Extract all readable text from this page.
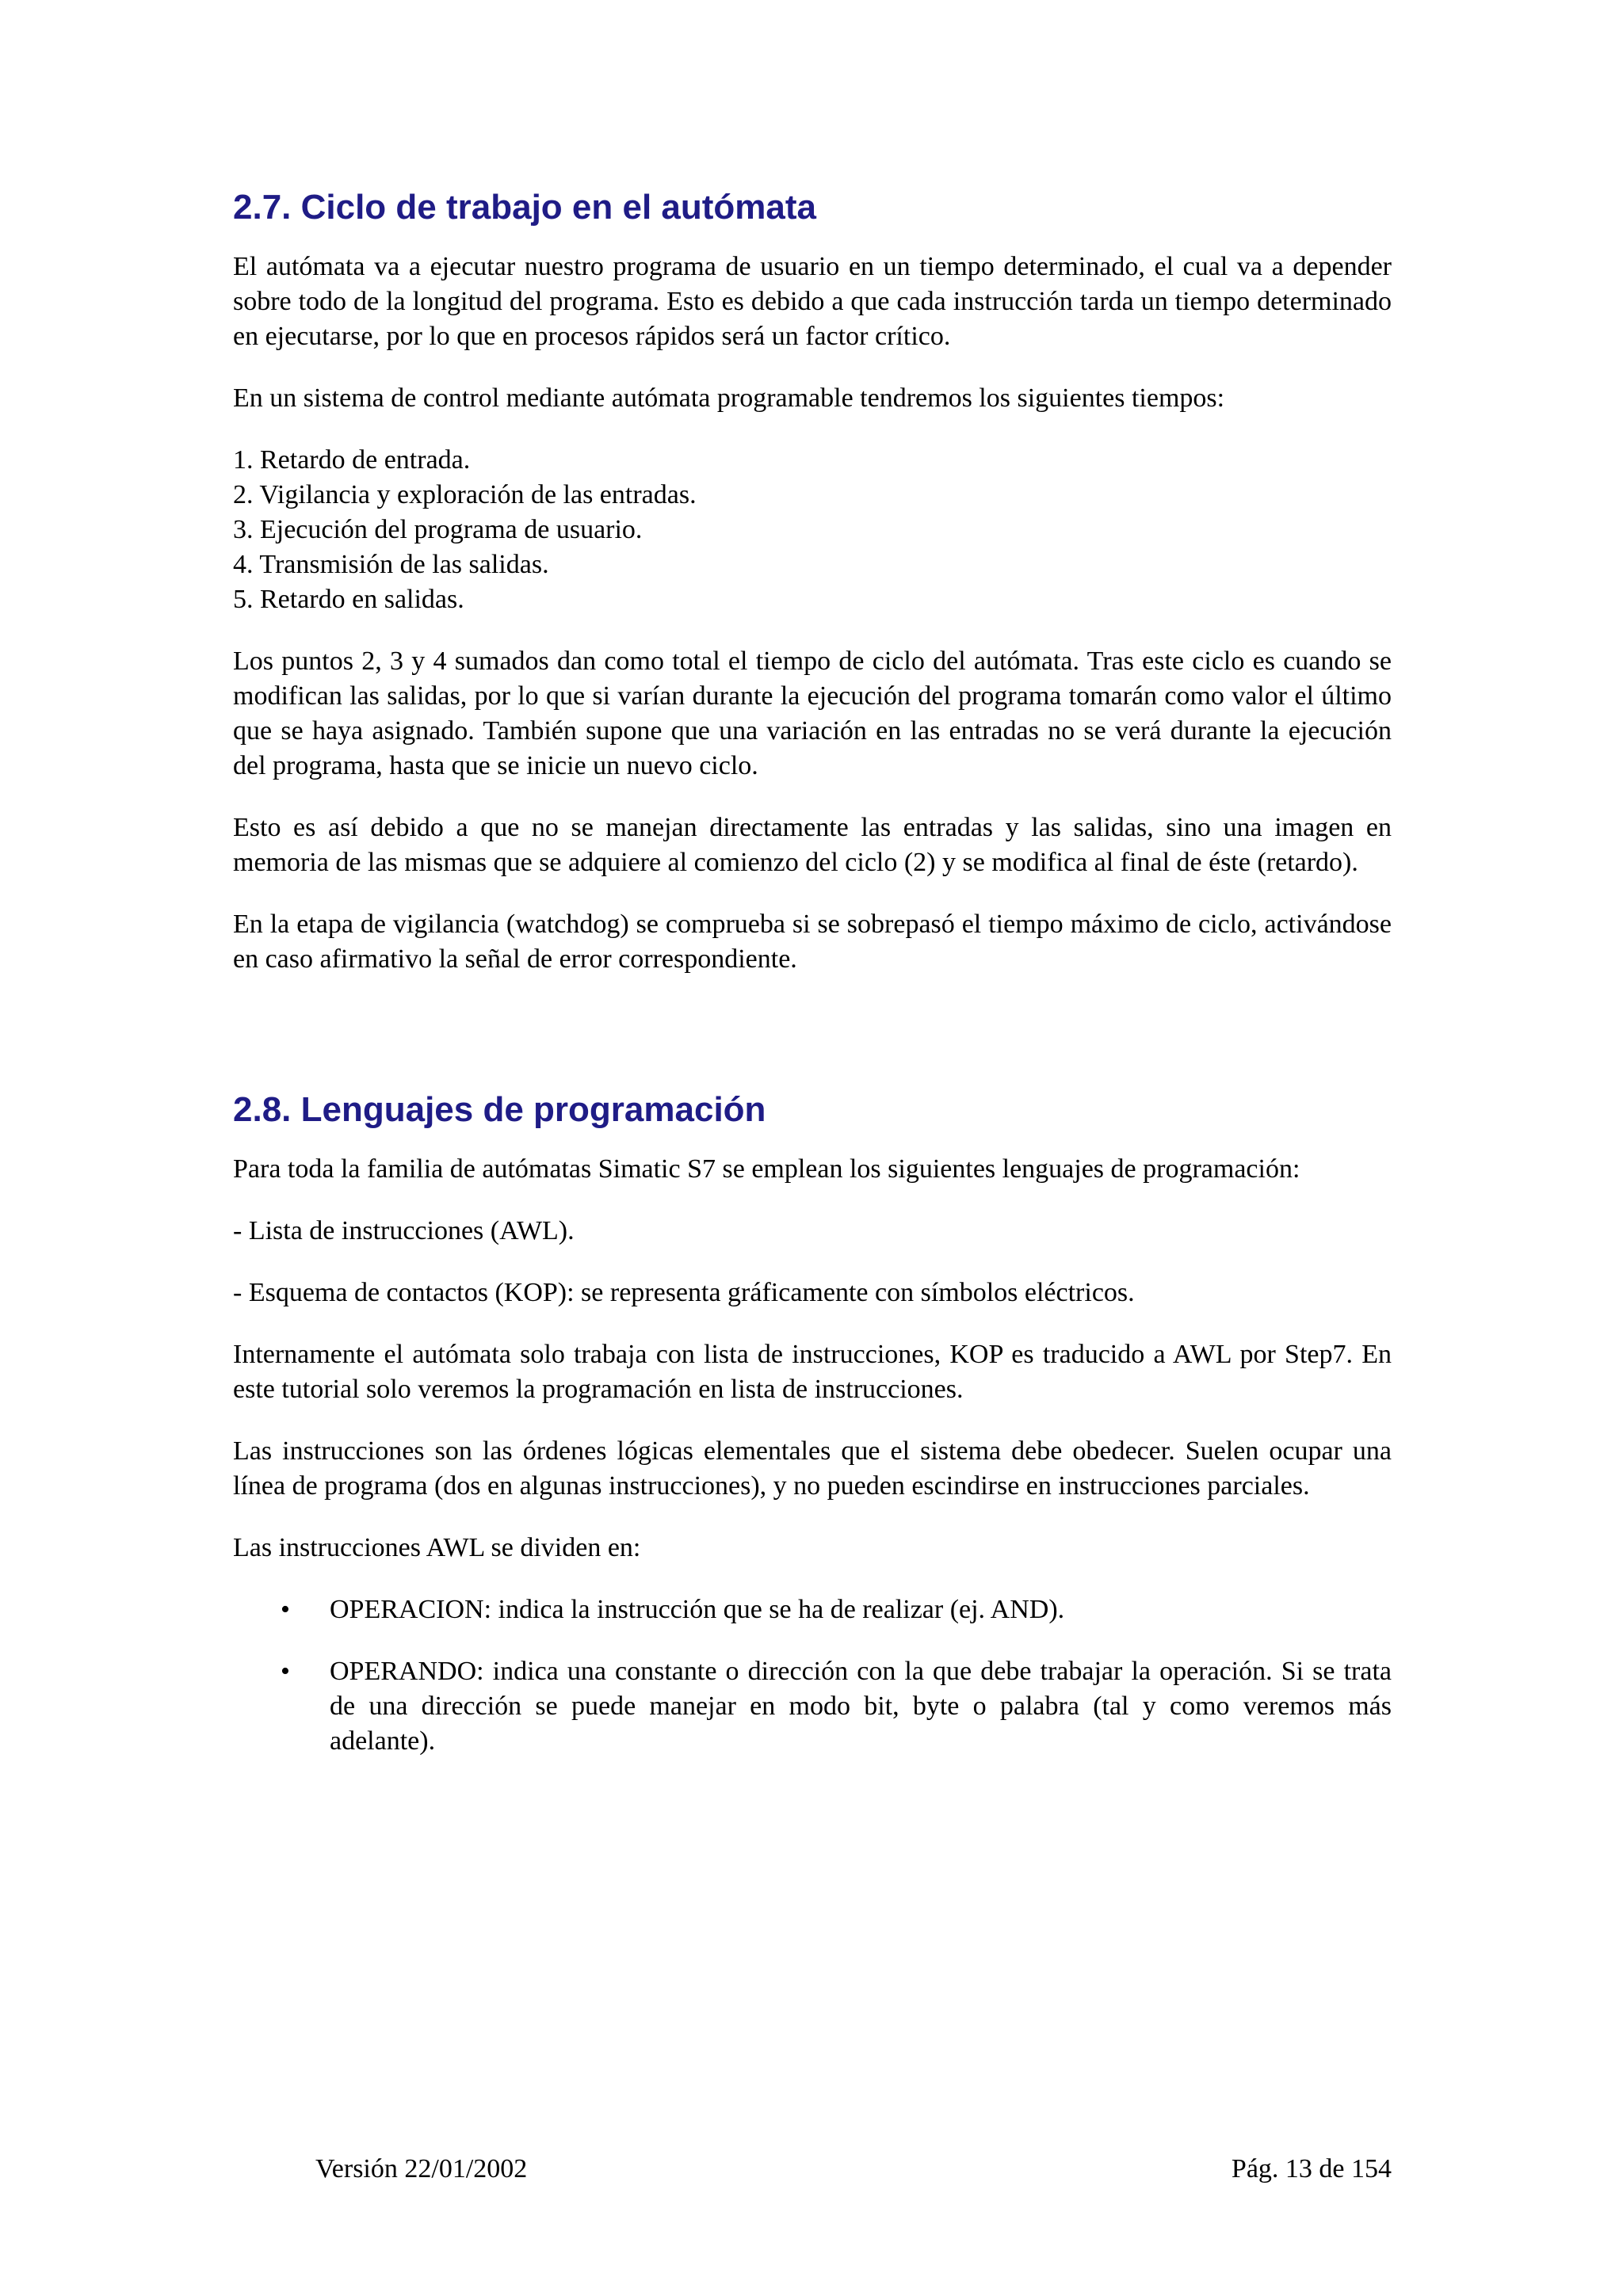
2.7. Ciclo de trabajo en el autómata

El autómata va a ejecutar nuestro programa de usuario en un tiempo determinado, el cual va a depender sobre todo de la longitud del programa. Esto es debido a que cada instrucción tarda un tiempo determinado en ejecutarse, por lo que en procesos rápidos será un factor crítico.

En un sistema de control mediante autómata programable tendremos los siguientes tiempos:

1. Retardo de entrada.

2. Vigilancia y exploración de las entradas.

3. Ejecución del programa de usuario.

4. Transmisión de las salidas.

5. Retardo en salidas.

Los puntos 2, 3 y 4 sumados dan como total el tiempo de ciclo del autómata. Tras este ciclo es cuando se modifican las salidas, por lo que si varían durante la ejecución del programa tomarán como valor el último que se haya asignado. También supone que una variación en las entradas no se verá durante la ejecución del programa, hasta que se inicie un nuevo ciclo.

Esto es así debido a que no se manejan directamente las entradas y las salidas, sino una imagen en memoria de las mismas que se adquiere al comienzo del ciclo (2) y se modifica al final de éste (retardo).

En la etapa de vigilancia (watchdog) se comprueba si se sobrepasó el tiempo máximo de ciclo, activándose en caso afirmativo la señal de error correspondiente.

2.8. Lenguajes de programación

Para toda la familia de autómatas Simatic S7 se emplean los siguientes lenguajes de programación:

- Lista de instrucciones (AWL).

- Esquema de contactos (KOP): se representa gráficamente con símbolos eléctricos.

Internamente el autómata solo trabaja con lista de instrucciones, KOP es traducido a AWL por Step7. En este tutorial solo veremos la programación en lista de instrucciones.

Las instrucciones son las órdenes lógicas elementales que el sistema debe obedecer. Suelen ocupar una línea de programa (dos en algunas instrucciones), y no pueden escindirse en instrucciones parciales.

Las instrucciones AWL se dividen en:

• OPERACION: indica la instrucción que se ha de realizar (ej. AND).
• OPERANDO: indica una constante o dirección con la que debe trabajar la operación. Si se trata de una dirección se puede manejar en modo bit, byte o palabra (tal y como veremos más adelante).
Versión 22/01/2002	Pág. 13 de 154
